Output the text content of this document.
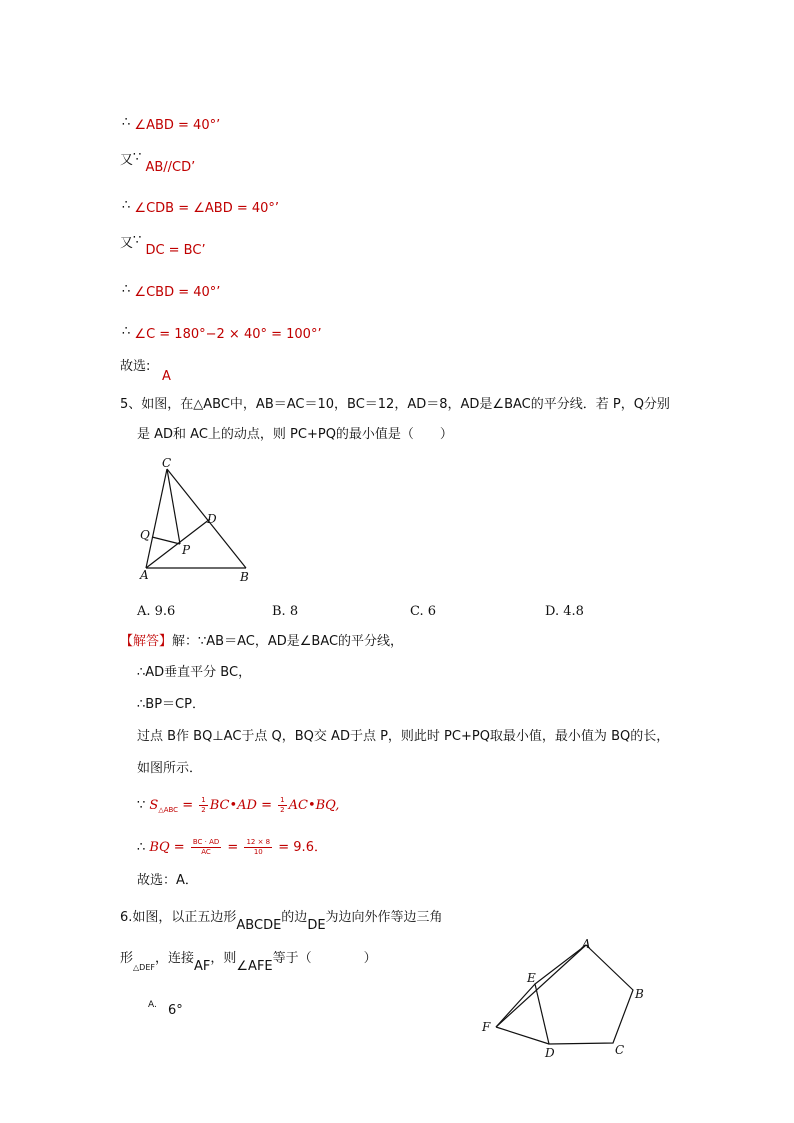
∴ ∠ABD = 40°’
又∵ AB//CD’
∴ ∠CDB = ∠ABD = 40°’
又∵ DC = BC’
∴ ∠CBD = 40°’
∴ ∠C = 180°−2 × 40° = 100°’
故选:
A
5、如图，在△ABC中，AB＝AC＝10，BC＝12，AD＝8，AD是∠BAC的平分线．若 P，Q分别
是 AD和 AC上的动点，则 PC+PQ的最小值是（　　）
C
D
Q
P
A	B
A. 9.6	B. 8	C. 6	D. 4.8
【解答】解：∵AB＝AC，AD是∠BAC的平分线，
∴AD垂直平分 BC，
∴BP＝CP．
过点 B作 BQ⊥AC于点 Q，BQ交 AD于点 P，则此时 PC+PQ取最小值，最小值为 BQ的长，
如图所示．
∵ $S_{\triangle ABC} = \frac{1}{2}$ BC•AD = $\frac{1}{2}$ AC•BQ,
∴ BQ = $\frac{BC \cdot AD}{AC} = \frac{12 \times 8}{10} = 9.6$．
故选：A．
6.如图，以正五边形ABCDE的边DE为边向外作等边三角
形$_{\triangle DEF}$，连接AF，则∠AFE等于（　　　　）
A. 6°
A
B
C
D
E
F
